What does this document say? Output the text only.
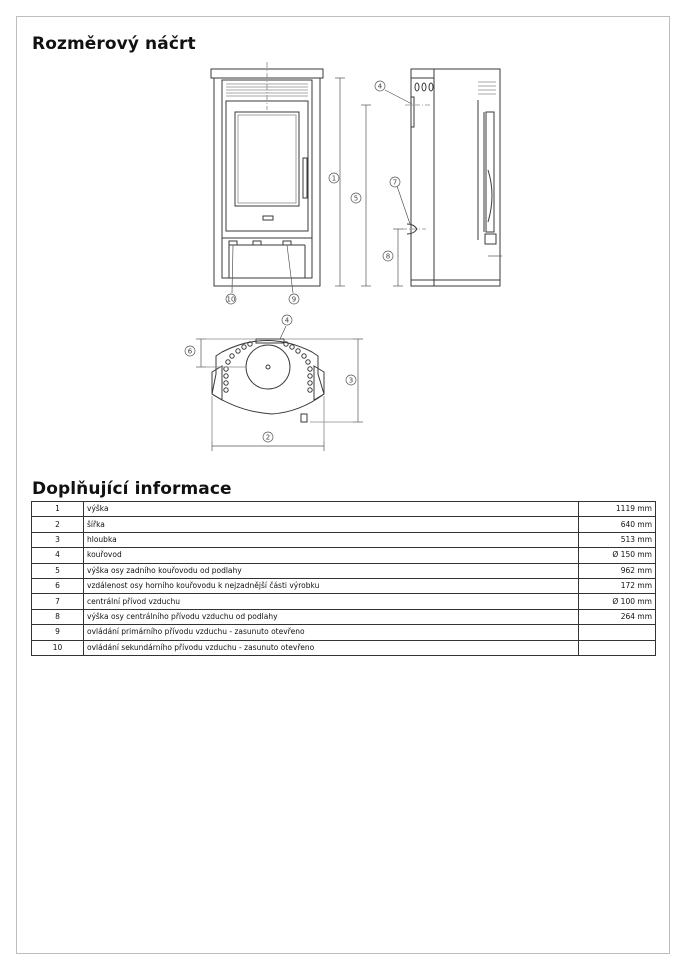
Rozměrový náčrt
1
5
4
7
8
10	9
4
6
3
2
Doplňující informace
1	výška	1119 mm
2	šířka	640 mm
3	hloubka	513 mm
4	kouřovod	Ø 150 mm
5	výška osy zadního kouřovodu od podlahy	962 mm
6	vzdálenost osy horního kouřovodu k nejzadnější části výrobku	172 mm
7	centrální přívod vzduchu	Ø 100 mm
8	výška osy centrálního přívodu vzduchu od podlahy	264 mm
9	ovládání primárního přívodu vzduchu - zasunuto otevřeno	
10	ovládání sekundárního přívodu vzduchu - zasunuto otevřeno	
